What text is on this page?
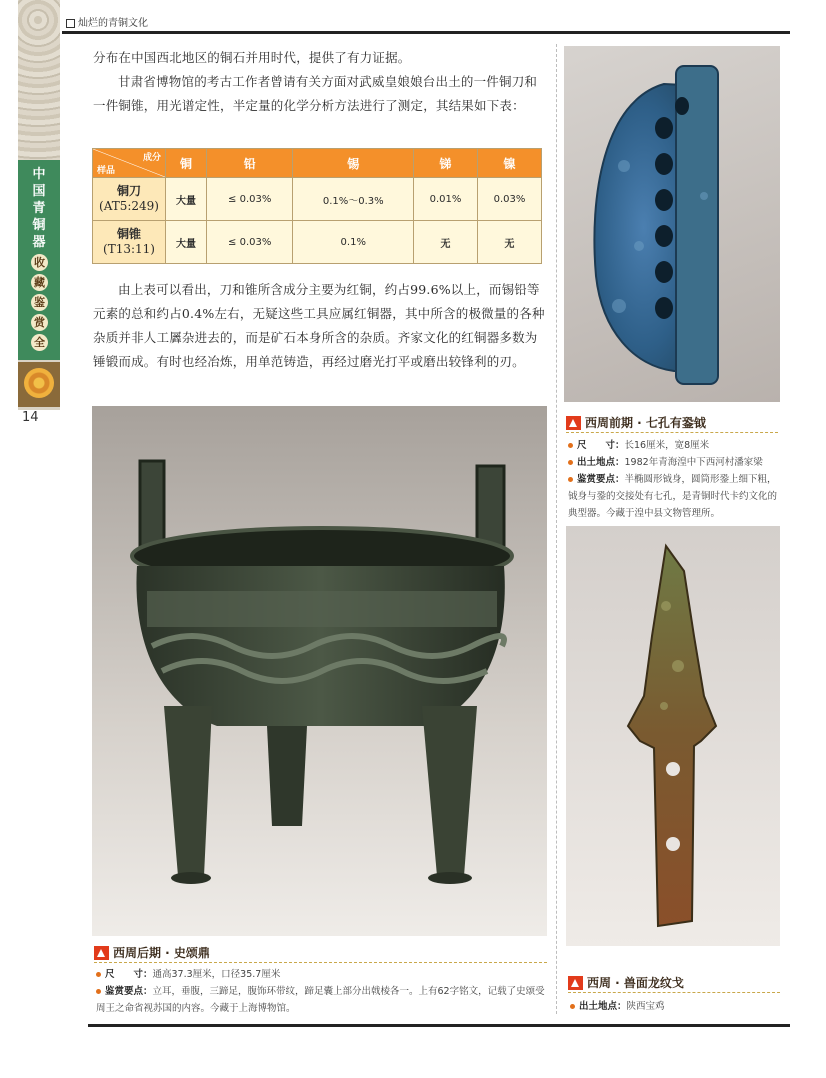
中
国
青
铜
器
收
藏
鉴
赏
全
14
灿烂的青铜文化
分布在中国西北地区的铜石并用时代，提供了有力证据。
甘肃省博物馆的考古工作者曾请有关方面对武威皇娘娘台出土的一件铜刀和一件铜锥，用光谱定性，半定量的化学分析方法进行了测定，其结果如下表：
成分
样品	铜	铅	锡	锑	镍
铜刀
(AT5:249)	大量	≤ 0.03%	0.1%～0.3%	0.01%	0.03%
铜锥
(T13:11)	大量	≤ 0.03%	0.1%	无	无
由上表可以看出，刀和锥所含成分主要为红铜，约占99.6%以上，而锡铅等元素的总和约占0.4%左右，无疑这些工具应属红铜器，其中所含的极微量的各种杂质并非人工羼杂进去的，而是矿石本身所含的杂质。齐家文化的红铜器多数为锤锻而成。有时也经冶炼，用单范铸造，再经过磨光打平或磨出较锋利的刃。
西周前期 · 七孔有銎钺
尺　　寸：长16厘米，宽8厘米
出土地点：1982年青海湟中下西河村潘家梁
鉴赏要点：半椭圆形钺身，圆筒形銎上细下粗，钺身与銎的交接处有七孔，是青铜时代卡约文化的典型器。今藏于湟中县文物管理所。
西周后期 · 史颂鼎
尺　　寸：通高37.3厘米，口径35.7厘米
鉴赏要点：立耳，垂腹，三蹄足，腹饰环带纹，蹄足囊上部分出戟棱各一。上有62字铭文，记载了史颂受周王之命省视苏国的内容。今藏于上海博物馆。
西周 · 兽面龙纹戈
出土地点：陕西宝鸡
